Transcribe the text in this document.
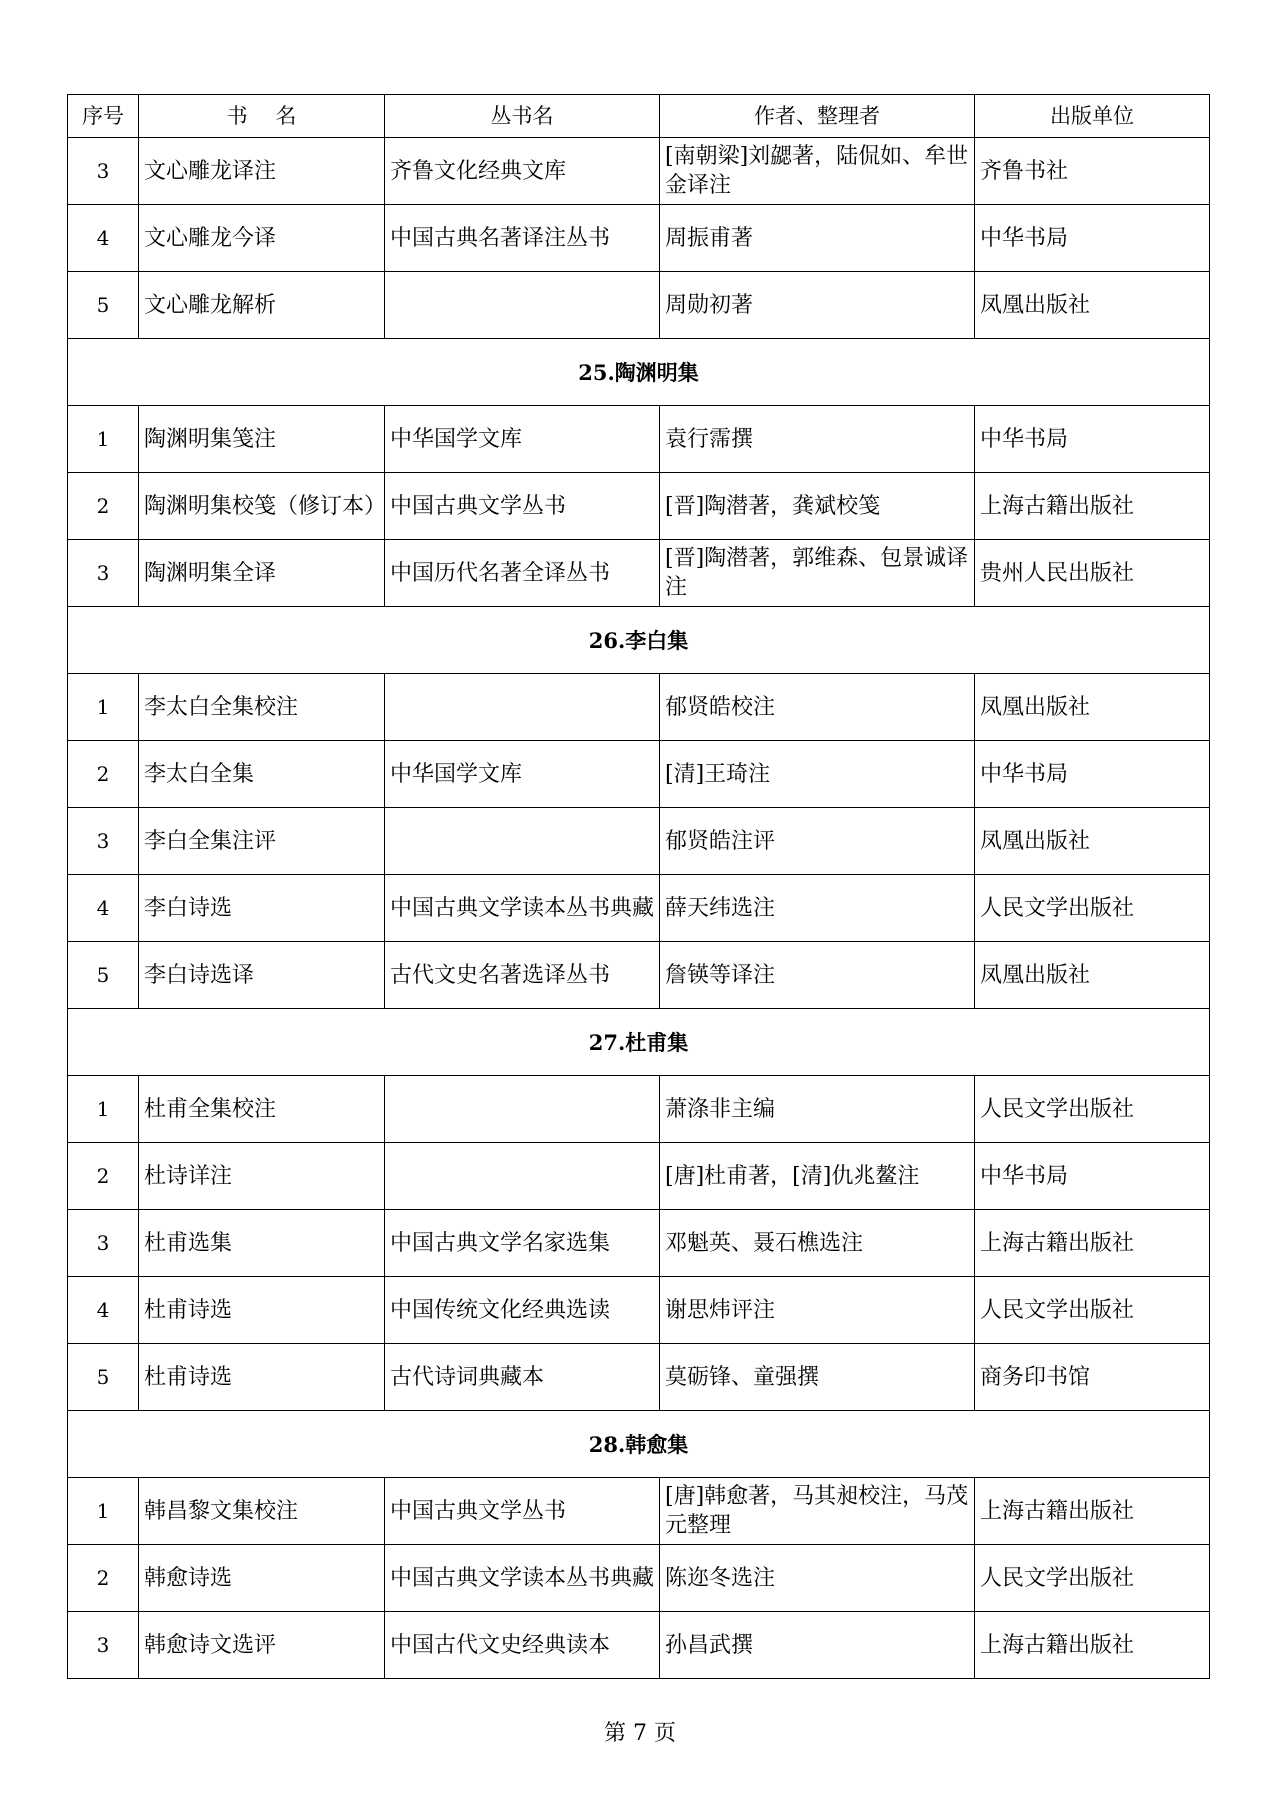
序号	书　 名	丛书名	作者、整理者	出版单位
3	文心雕龙译注	齐鲁文化经典文库	[南朝梁]刘勰著，陆侃如、牟世金译注	齐鲁书社
4	文心雕龙今译	中国古典名著译注丛书	周振甫著	中华书局
5	文心雕龙解析		周勋初著	凤凰出版社
25.陶渊明集				
1	陶渊明集笺注	中华国学文库	袁行霈撰	中华书局
2	陶渊明集校笺（修订本）	中国古典文学丛书	[晋]陶潜著，龚斌校笺	上海古籍出版社
3	陶渊明集全译	中国历代名著全译丛书	[晋]陶潜著，郭维森、包景诚译注	贵州人民出版社
26.李白集				
1	李太白全集校注		郁贤皓校注	凤凰出版社
2	李太白全集	中华国学文库	[清]王琦注	中华书局
3	李白全集注评		郁贤皓注评	凤凰出版社
4	李白诗选	中国古典文学读本丛书典藏	薛天纬选注	人民文学出版社
5	李白诗选译	古代文史名著选译丛书	詹锳等译注	凤凰出版社
27.杜甫集				
1	杜甫全集校注		萧涤非主编	人民文学出版社
2	杜诗详注		[唐]杜甫著，[清]仇兆鳌注	中华书局
3	杜甫选集	中国古典文学名家选集	邓魁英、聂石樵选注	上海古籍出版社
4	杜甫诗选	中国传统文化经典选读	谢思炜评注	人民文学出版社
5	杜甫诗选	古代诗词典藏本	莫砺锋、童强撰	商务印书馆
28.韩愈集				
1	韩昌黎文集校注	中国古典文学丛书	[唐]韩愈著，马其昶校注，马茂元整理	上海古籍出版社
2	韩愈诗选	中国古典文学读本丛书典藏	陈迩冬选注	人民文学出版社
3	韩愈诗文选评	中国古代文史经典读本	孙昌武撰	上海古籍出版社
第 7 页
